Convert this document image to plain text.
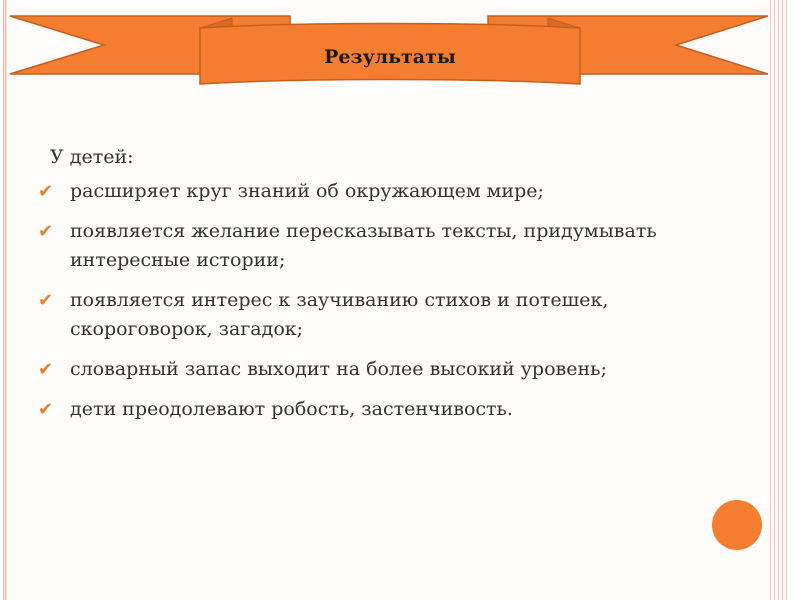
Результаты
У детей:
✔ расширяет круг знаний об окружающем мире;
✔ появляется желание пересказывать тексты, придумывать интересные истории;
✔ появляется интерес к заучиванию стихов и потешек, скороговорок, загадок;
✔ словарный запас выходит на более высокий уровень;
✔ дети преодолевают робость, застенчивость.
